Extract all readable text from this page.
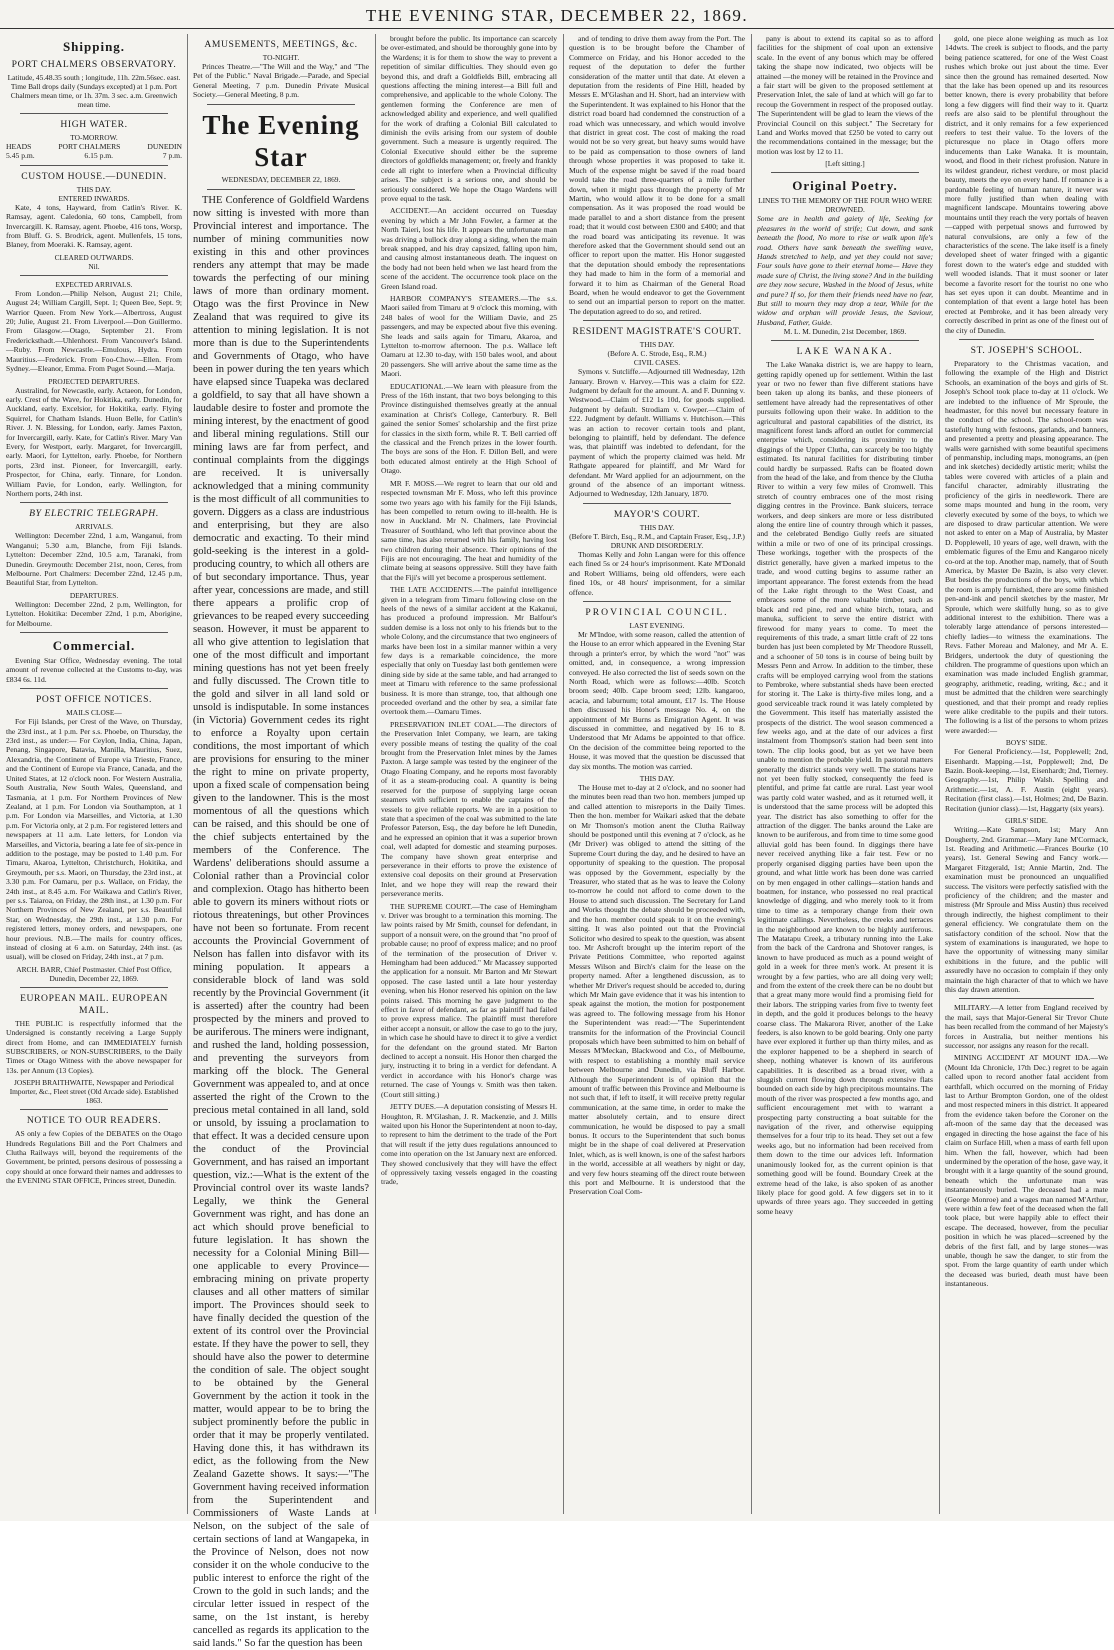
THE EVENING STAR, DECEMBER 22, 1869.
Shipping.
PORT CHALMERS OBSERVATORY.
Latitude, 45.48.35 south ; longitude, 11h. 22m.56sec. east. Time Ball drops daily (Sundays excepted) at 1 p.m. Port Chalmers mean time, or 1h. 37m. 3 sec. a.m. Greenwich mean time.
HIGH WATER.
TO-MORROW.
HEADS	PORT CHALMERS	DUNEDIN
5.45 p.m.	6.15 p.m.	7 p.m.
CUSTOM HOUSE.—DUNEDIN.
THIS DAY.
ENTERED INWARDS.

Kate, 4 tons, Hayward, from Catlin's River. K. Ramsay, agent. Caledonia, 60 tons, Campbell, from Invercargill. K. Ramsay, agent. Phoebe, 416 tons, Worsp, from Bluff. G. S. Brodrick, agent. Mullenfels, 15 tons, Blaney, from Moeraki. K. Ramsay, agent.

CLEARED OUTWARDS.
Nil.
EXPECTED ARRIVALS.

From London.—Philip Nelson, August 21; Chile, August 24; William Cargill, Sept. 1; Queen Bee, Sept. 9; Warrior Queen. From New York.—Albertross, August 20; Julie, August 21. From Liverpool.—Don Guillermo. From Glasgow.—Otago, September 21. From Fredericksthadt.—Uhlenhorst. From Vancouver's Island.—Ruby. From Newcastle.—Emulous, Hydra. From Mauritius.—Frederick. From Foo-Chow.—Ellen. From Sydney.—Eleanor, Emma. From Puget Sound.—Marja.

PROJECTED DEPARTURES.

Australind, for Newcastle, early. Actaeon, for London, early. Crest of the Wave, for Hokitika, early. Dunedin, for Auckland, early. Excelsior, for Hokitika, early. Flying Squirrel, for Chatham Islands. Huon Belle, for Catlin's River. J. N. Blessing, for London, early. James Paxton, for Invercargill, early. Kate, for Catlin's River. Mary Van Every, for Westport, early. Margaret, for Invercargill, early. Maori, for Lyttelton, early. Phoebe, for Northern ports, 23rd inst. Pioneer, for Invercargill, early. Prospector, for China, early. Tinnare, for London. William Pavie, for London, early. Wellington, for Northern ports, 24th inst.

BY ELECTRIC TELEGRAPH.
ARRIVALS.

Wellington: December 22nd, 1 a.m, Wanganui, from Wanganui; 5.30 a.m, Blanche, from Fiji Islands. Lyttelton: December 22nd, 10.5 a.m, Taranaki, from Dunedin. Greymouth: December 21st, noon, Ceres, from Melbourne. Port Chalmers: December 22nd, 12.45 p.m, Beautiful Star, from Lyttelton.

DEPARTURES.

Wellington: December 22nd, 2 p.m, Wellington, for Lyttelton. Hokitika: December 22nd, 1 p.m, Aborigine, for Melbourne.

Commercial.

Evening Star Office, Wednesday evening. The total amount of revenue collected at the Customs to-day, was £834 6s. 11d.

POST OFFICE NOTICES.
MAILS CLOSE—

For Fiji Islands, per Crest of the Wave, on Thursday, the 23rd inst., at 1 p.m. Per s.s. Phoebe, on Thursday, the 23rd inst., as under:— For Ceylon, India, China, Japan, Penang, Singapore, Batavia, Manilla, Mauritius, Suez, Alexandria, the Continent of Europe via Trieste, France, and the Continent of Europe via France, Canada, and the United States, at 12 o'clock noon. For Western Australia, South Australia, New South Wales, Queensland, and Tasmania, at 1 p.m. For Northern Provinces of New Zealand, at 1 p.m. For London via Southampton, at 1 p.m. For London via Marseilles, and Victoria, at 1.30 p.m. For Victoria only, at 2 p.m. For registered letters and newspapers at 11 a.m. Late letters, for London via Marseilles, and Victoria, bearing a late fee of six-pence in addition to the postage, may be posted to 1.40 p.m. For Timaru, Akaroa, Lyttelton, Christchurch, Hokitika, and Greymouth, per s.s. Maori, on Thursday, the 23rd inst., at 3.30 p.m. For Oamaru, per p.s. Wallace, on Friday, the 24th inst., at 8.45 a.m. For Waikawa and Catlin's River, per s.s. Taiaroa, on Friday, the 28th inst., at 1.30 p.m. For Northern Provinces of New Zealand, per s.s. Beautiful Star, on Wednesday, the 29th inst., at 1.30 p.m. For registered letters, money orders, and newspapers, one hour previous. N.B.—The mails for country offices, instead of closing at 6 a.m. on Saturday, 24th inst. (as usual), will be closed on Friday, 24th inst., at 7 p.m.

ARCH. BARR, Chief Postmaster. Chief Post Office, Dunedin, December 22, 1869.
EUROPEAN MAIL. EUROPEAN MAIL.

THE PUBLIC is respectfully informed that the Undersigned is constantly receiving a Large Supply direct from Home, and can IMMEDIATELY furnish SUBSCRIBERS, or NON-SUBSCRIBERS, to the Daily Times or Otago Witness with the above newspaper for 13s. per Annum (13 Copies).

JOSEPH BRAITHWAITE, Newspaper and Periodical Importer, &c., Fleet street (Old Arcade side). Established 1863.
NOTICE TO OUR READERS.

AS only a few Copies of the DEBATES on the Otago Hundreds Regulations Bill and the Port Chalmers and Clutha Railways will, beyond the requirements of the Government, be printed, persons desirous of possessing a copy should at once forward their names and addresses to the EVENING STAR OFFICE, Princes street, Dunedin.

AMUSEMENTS, MEETINGS, &c.
TO-NIGHT.

Princes Theatre.—"The Will and the Way," and "The Pet of the Public." Naval Brigade.—Parade, and Special General Meeting, 7 p.m. Dunedin Private Musical Society.—General Meeting, 8 p.m.

The Evening Star
WEDNESDAY, DECEMBER 22, 1869.

THE Conference of Goldfield Wardens now sitting is invested with more than Provincial interest and importance. The number of mining communities now existing in this and other provinces renders any attempt that may be made towards the perfecting of our mining laws of more than ordinary moment. Otago was the first Province in New Zealand that was required to give its attention to mining legislation. It is not more than is due to the Superintendents and Governments of Otago, who have been in power during the ten years which have elapsed since Tuapeka was declared a goldfield, to say that all have shown a laudable desire to foster and promote the mining interest, by the enactment of good and liberal mining regulations. Still our mining laws are far from perfect, and continual complaints from the diggings are received. It is universally acknowledged that a mining community is the most difficult of all communities to govern. Diggers as a class are industrious and enterprising, but they are also democratic and exacting. To their mind gold-seeking is the interest in a gold-producing country, to which all others are of but secondary importance. Thus, year after year, concessions are made, and still there appears a prolific crop of grievances to be reaped every succeeding season. However, it must be apparent to all who give attention to legislation that one of the most difficult and important mining questions has not yet been freely and fully discussed. The Crown title to the gold and silver in all land sold or unsold is indisputable. In some instances (in Victoria) Government cedes its right to enforce a Royalty upon certain conditions, the most important of which are provisions for ensuring to the miner the right to mine on private property, upon a fixed scale of compensation being given to the landowner. This is the most momentous of all the questions which can be raised, and this should be one of the chief subjects entertained by the members of the Conference. The Wardens' deliberations should assume a Colonial rather than a Provincial color and complexion. Otago has hitherto been able to govern its miners without riots or riotous threatenings, but other Provinces have not been so fortunate. From recent accounts the Provincial Government of Nelson has fallen into disfavor with its mining population. It appears a considerable block of land was sold recently by the Provincial Government (it is asserted) after the country had been prospected by the miners and proved to be auriferous. The miners were indignant, and rushed the land, holding possession, and preventing the surveyors from marking off the block. The General Government was appealed to, and at once asserted the right of the Crown to the precious metal contained in all land, sold or unsold, by issuing a proclamation to that effect. It was a decided censure upon the conduct of the Provincial Government, and has raised an important question, viz.:—What is the extent of the Provincial control over its waste lands? Legally, we think the General Government was right, and has done an act which should prove beneficial to future legislation. It has shown the necessity for a Colonial Mining Bill—one applicable to every Province—embracing mining on private property clauses and all other matters of similar import. The Provinces should seek to have finally decided the question of the extent of its control over the Provincial estate. If they have the power to sell, they should have also the power to determine the condition of sale. The object sought to be obtained by the General Government by the action it took in the matter, would appear to be to bring the subject prominently before the public in order that it may be properly ventilated. Having done this, it has withdrawn its edict, as the following from the New Zealand Gazette shows. It says:—"The Government having received information from the Superintendent and Commissioners of Waste Lands at Nelson, on the subject of the sale of certain sections of land at Wangapeka, in the Province of Nelson, does not now consider it on the whole conducive to the public interest to enforce the right of the Crown to the gold in such lands; and the circular letter issued in respect of the same, on the 1st instant, is hereby cancelled as regards its application to the said lands." So far the question has been

brought before the public. Its importance can scarcely be over-estimated, and should be thoroughly gone into by the Wardens; it is for them to show the way to prevent a repetition of similar difficulties. They should even go beyond this, and draft a Goldfields Bill, embracing all questions affecting the mining interest—a Bill full and comprehensive, and applicable to the whole Colony. The gentlemen forming the Conference are men of acknowledged ability and experience, and well qualified for the work of drafting a Colonial Bill calculated to diminish the evils arising from our system of double government. Such a measure is urgently required. The Colonial Executive should either be the supreme directors of goldfields management; or, freely and frankly cede all right to interfere when a Provincial difficulty arises. The subject is a serious one, and should be seriously considered. We hope the Otago Wardens will prove equal to the task.

ACCIDENT.—An accident occurred on Tuesday evening by which a Mr John Fowler, a farmer at the North Taieri, lost his life. It appears the unfortunate man was driving a bullock dray along a siding, when the main break snapped, and his dray capsized, falling upon him, and causing almost instantaneous death. The inquest on the body had not been held when we last heard from the scene of the accident. The occurrence took place on the Green Island road.

HARBOR COMPANY'S STEAMERS.—The s.s. Maori sailed from Timaru at 9 o'clock this morning, with 248 bales of wool for the William Davie, and 25 passengers, and may be expected about five this evening. She leads and sails again for Timaru, Akaroa, and Lyttelton to-morrow afternoon. The p.s. Wallace left Oamaru at 12.30 to-day, with 150 bales wool, and about 20 passengers. She will arrive about the same time as the Maori.

EDUCATIONAL.—We learn with pleasure from the Press of the 16th instant, that two boys belonging to this Province distinguished themselves greatly at the annual examination at Christ's College, Canterbury. R. Bell gained the senior Somes' scholarship and the first prize for classics in the sixth form, while R. T. Bell carried off the classical and the French prizes in the lower fourth. The boys are sons of the Hon. F. Dillon Bell, and were both educated almost entirely at the High School of Otago.

MR F. MOSS.—We regret to learn that our old and respected townsman Mr F. Moss, who left this province some two years ago with his family for the Fiji Islands, has been compelled to return owing to ill-health. He is now in Auckland. Mr N. Chalmers, late Provincial Treasurer of Southland, who left that province about the same time, has also returned with his family, having lost two children during their absence. Their opinions of the Fijis are not encouraging. The heat and humidity of the climate being at seasons oppressive. Still they have faith that the Fiji's will yet become a prosperous settlement.

THE LATE ACCIDENTS.—The painful intelligence given in a telegram from Timaru following close on the heels of the news of a similar accident at the Kakanui, has produced a profound impression. Mr Balfour's sudden demise is a loss not only to his friends but to the whole Colony, and the circumstance that two engineers of marks have been lost in a similar manner within a very few days is a remarkable coincidence, the more especially that only on Tuesday last both gentlemen were dining side by side at the same table, and had arranged to meet at Timaru with reference to the same professional business. It is more than strange, too, that although one proceeded overland and the other by sea, a similar fate overtook them.—Oamaru Times.

PRESERVATION INLET COAL.—The directors of the Preservation Inlet Company, we learn, are taking every possible means of testing the quality of the coal brought from the Preservation Inlet mines by the James Paxton. A large sample was tested by the engineer of the Otago Floating Company, and he reports most favorably of it as a steam-producing coal. A quantity is being reserved for the purpose of supplying large ocean steamers with sufficient to enable the captains of the vessels to give reliable reports. We are in a position to state that a specimen of the coal was submitted to the late Professor Paterson, Esq., the day before he left Dunedin, and he expressed an opinion that it was a superior brown coal, well adapted for domestic and steaming purposes. The company have shown great enterprise and perseverance in their efforts to prove the existence of extensive coal deposits on their ground at Preservation Inlet, and we hope they will reap the reward their perseverance merits.

THE SUPREME COURT.—The case of Hemingham v. Driver was brought to a termination this morning. The law points raised by Mr Smith, counsel for defendant, in support of a nonsuit were, on the ground that "no proof of probable cause; no proof of express malice; and no proof of the termination of the prosecution of Driver v. Hemingham had been adduced." Mr Macassey supported the application for a nonsuit. Mr Barton and Mr Stewart opposed. The case lasted until a late hour yesterday evening, when his Honor reserved his opinion on the law points raised. This morning he gave judgment to the effect in favor of defendant, as far as plaintiff had failed to prove express malice. The plaintiff must therefore either accept a nonsuit, or allow the case to go to the jury, in which case he should have to direct it to give a verdict for the defendant on the ground stated. Mr Barton declined to accept a nonsuit. His Honor then charged the jury, instructing it to bring in a verdict for defendant. A verdict in accordance with his Honor's charge was returned. The case of Youngs v. Smith was then taken. (Court still sitting.)

JETTY DUES.—A deputation consisting of Messrs H. Houghton, R. M'Glashan, J. R. Mackenzie, and J. Mills waited upon his Honor the Superintendent at noon to-day, to represent to him the detriment to the trade of the Port that will result if the jetty dues regulations announced to come into operation on the 1st January next are enforced. They showed conclusively that they will have the effect of oppressively taxing vessels engaged in the coasting trade,

and of tending to drive them away from the Port. The question is to be brought before the Chamber of Commerce on Friday, and his Honor acceded to the request of the deputation to defer the further consideration of the matter until that date. At eleven a deputation from the residents of Pine Hill, headed by Messrs E. M'Glashan and H. Short, had an interview with the Superintendent. It was explained to his Honor that the district road board had condemned the construction of a road which was unnecessary, and which would involve that district in great cost. The cost of making the road would not be so very great, but heavy sums would have to be paid as compensation to those owners of land through whose properties it was proposed to take it. Much of the expense might be saved if the road board would take the road three-quarters of a mile further down, when it might pass through the property of Mr Martin, who would allow it to be done for a small compensation. As it was proposed the road would be made parallel to and a short distance from the present road; that it would cost between £300 and £400; and that the road board was anticipating its revenue. It was therefore asked that the Government should send out an officer to report upon the matter. His Honor suggested that the deputation should embody the representations they had made to him in the form of a memorial and forward it to him as Chairman of the General Road Board, when he would endeavor to get the Government to send out an impartial person to report on the matter. The deputation agreed to do so, and retired.

RESIDENT MAGISTRATE'S COURT.
THIS DAY.
(Before A. C. Strode, Esq., R.M.)
CIVIL CASES.

Symons v. Sutcliffe.—Adjourned till Wednesday, 12th January. Brown v. Harvey.—This was a claim for £22. Judgment by default for the amount. A. and F. Dunning v. Westwood.—Claim of £12 1s 10d, for goods supplied. Judgment by default. Strodiam v. Cowper.—Claim of £22. Judgment by default. Williams v. Hutchison.—This was an action to recover certain tools and plant, belonging to plaintiff, held by defendant. The defence was, that plaintiff was indebted to defendant, for the payment of which the property claimed was held. Mr Rathgate appeared for plaintiff, and Mr Ward for defendant. Mr Ward applied for an adjournment, on the ground of the absence of an important witness. Adjourned to Wednesday, 12th January, 1870.

MAYOR'S COURT.
THIS DAY.
(Before T. Birch, Esq., R.M., and Captain Fraser, Esq., J.P.)
DRUNK AND DISORDERLY.

Thomas Kelly and John Langan were for this offence each fined 5s or 24 hour's imprisonment. Kate M'Donald and Robert Williams, being old offenders, were each fined 10s, or 48 hours' imprisonment, for a similar offence.

PROVINCIAL COUNCIL.
LAST EVENING.

Mr M'Indoe, with some reason, called the attention of the House to an error which appeared in the Evening Star through a printer's error, by which the word "not" was omitted, and, in consequence, a wrong impression conveyed. He also corrected the list of seeds sown on the North Road, which were as follows:—40lb. Scotch broom seed; 40lb. Cape broom seed; 12lb. kangaroo, acacia, and laburnum; total amount, £17 1s. The House then discussed his Honor's message No. 4, on the appointment of Mr Burns as Emigration Agent. It was discussed in committee, and negatived by 16 to 8. Understood that Mr Adams be appointed to that office. On the decision of the committee being reported to the House, it was moved that the question be discussed that day six months. The motion was carried.

THIS DAY.

The House met to-day at 2 o'clock, and no sooner had the minutes been read than two hon. members jumped up and called attention to misreports in the Daily Times. Then the hon. member for Waikari asked that the debate on Mr Thomson's motion anent the Clutha Railway should be postponed until this evening at 7 o'clock, as he (Mr Driver) was obliged to attend the sitting of the Supreme Court during the day, and he desired to have an opportunity of speaking to the question. The proposal was opposed by the Government, especially by the Treasurer, who stated that as he was to leave the Colony to-morrow he could not afford to come down to the House to attend such discussion. The Secretary for Land and Works thought the debate should be proceeded with, and the hon. member could speak to it on the evening's sitting. It was also pointed out that the Provincial Solicitor who desired to speak to the question, was absent too. Mr Ashcroft brought up the interim report of the Private Petitions Committee, who reported against Messrs Wilson and Birch's claim for the lease on the property named. After a lengthened discussion, as to whether Mr Driver's request should be acceded to, during which Mr Main gave evidence that it was his intention to speak against the motion, the motion for postponement was agreed to. The following message from his Honor the Superintendent was read:—"The Superintendent transmits for the information of the Provincial Council proposals which have been submitted to him on behalf of Messrs M'Meckan, Blackwood and Co., of Melbourne, with respect to establishing a monthly mail service between Melbourne and Dunedin, via Bluff Harbor. Although the Superintendent is of opinion that the amount of traffic between this Province and Melbourne is not such that, if left to itself, it will receive pretty regular communication, at the same time, in order to make the matter absolutely certain, and to ensure direct communication, he would be disposed to pay a small bonus. It occurs to the Superintendent that such bonus might be in the shape of coal delivered at Preservation Inlet, which, as is well known, is one of the safest harbors in the world, accessible at all weathers by night or day, and very few hours steaming off the direct route between this port and Melbourne. It is understood that the Preservation Coal Com-

pany is about to extend its capital so as to afford facilities for the shipment of coal upon an extensive scale. In the event of any bonus which may be offered taking the shape now indicated, two objects will be attained —the money will be retained in the Province and a fair start will be given to the proposed settlement at Preservation Inlet, the sale of land at which will go far to recoup the Government in respect of the proposed outlay. The Superintendent will be glad to learn the views of the Provincial Council on this subject." The Secretary for Land and Works moved that £250 be voted to carry out the recommendations contained in the message; but the motion was lost by 12 to 11.

[Left sitting.]
Original Poetry.
LINES TO THE MEMORY OF THE FOUR WHO WERE DROWNED.

Some are in health and gaiety of life, Seeking for pleasures in the world of strife; Cut down, and sank beneath the flood, No more to rise or walk upon life's road. Others have sank beneath the swelling wave, Hands stretched to help, and yet they could not save; Four souls have gone to their eternal home— Have they made sure of Christ, the living stone? And in the building are they now secure, Washed in the blood of Jesus, white and pure? If so, for them their friends need have no fear, But still to mourn they may drop a tear, While for the widow and orphan will provide Jesus, the Saviour, Husband, Father, Guide.

M. L. M. Dunedin, 21st December, 1869.
LAKE WANAKA.

The Lake Wanaka district is, we are happy to learn, getting rapidly opened up for settlement. Within the last year or two no fewer than five different stations have been taken up along its banks, and these pioneers of settlement have already had the representatives of other pursuits following upon their wake. In addition to the agricultural and pastoral capabilities of the district, its magnificent forest lands afford an outlet for commercial enterprise which, considering its proximity to the diggings of the Upper Clutha, can scarcely be too highly estimated. Its natural facilities for distributing timber could hardly be surpassed. Rafts can be floated down from the head of the lake, and from thence by the Clutha River to within a very few miles of Cromwell. This stretch of country embraces one of the most rising digging centres in the Province. Bank sluicers, terrace workers, and deep sinkers are more or less distributed along the entire line of country through which it passes, and the celebrated Bendigo Gully reefs are situated within a mile or two of one of its principal crossings. These workings, together with the prospects of the district generally, have given a marked impetus to the trade, and wood cutting begins to assume rather an important appearance. The forest extends from the head of the Lake right through to the West Coast, and embraces some of the more valuable timber, such as black and red pine, red and white birch, totara, and manuka, sufficient to serve the entire district with firewood for many years to come. To meet the requirements of this trade, a smart little craft of 22 tons burden has just been completed by Mr Theodore Russell, and a schooner of 50 tons is in course of being built by Messrs Penn and Arrow. In addition to the timber, these crafts will be employed carrying wool from the stations to Pembroke, where substantial sheds have been erected for storing it. The Lake is thirty-five miles long, and a good serviceable track round it was lately completed by the Government. This itself has materially assisted the prospects of the district. The wool season commenced a few weeks ago, and at the date of our advices a first instalment from Thompson's station had been sent into town. The clip looks good, but as yet we have been unable to mention the probable yield. In pastoral matters generally the district stands very well. The stations have not yet been fully stocked, consequently the feed is plentiful, and prime fat cattle are rural. Last year wool was partly cold water washed, and as it returned well, it is understood that the same process will be adopted this year. The district has also something to offer for the attraction of the digger. The banks around the Lake are known to be auriferous, and from time to time some good alluvial gold has been found. In diggings there have never received anything like a fair test. Few or no properly organised digging parties have been upon the ground, and what little work has been done was carried on by men engaged in other callings—station hands and boatmen, for instance, who possessed no real practical knowledge of digging, and who merely took to it from time to time as a temporary change from their own legitimate callings. Nevertheless, the creeks and terraces in the neighborhood are known to be highly auriferous. The Matatapu Creek, a tributary running into the Lake from the back of the Cardrona and Shotover ranges, is known to have produced as much as a pound weight of gold in a week for three men's work. At present it is wrought by a few parties, who are all doing very well; and from the extent of the creek there can be no doubt but that a great many more would find a promising field for their labors. The stripping varies from five to twenty feet in depth, and the gold it produces belongs to the heavy coarse class. The Makarora River, another of the Lake feeders, is also known to be gold bearing. Only one party have ever explored it further up than thirty miles, and as the explorer happened to be a shepherd in search of sheep, nothing whatever is known of its auriferous capabilities. It is described as a broad river, with a sluggish current flowing down through extensive flats bounded on each side by high precipitous mountains. The mouth of the river was prospected a few months ago, and sufficient encouragement met with to warrant a prospecting party constructing a boat suitable for the navigation of the river, and otherwise equipping themselves for a four trip to its head. They set out a few weeks ago, but no information had been received from them down to the time our advices left. Information unanimously looked for, as the current opinion is that something good will be found. Boundary Creek at the extreme head of the lake, is also spoken of as another likely place for good gold. A few diggers set in to it upwards of three years ago. They succeeded in getting some heavy

gold, one piece alone weighing as much as 1oz 14dwts. The creek is subject to floods, and the party being patience scattered, for one of the West Coast rushes which broke out just about the time. Ever since then the ground has remained deserted. Now that the lake has been opened up and its resources better known, there is every probability that before long a few diggers will find their way to it. Quartz reefs are also said to be plentiful throughout the district, and it only remains for a few experienced reefers to test their value. To the lovers of the picturesque no place in Otago offers more inducements than Lake Wanaka. It is mountain, wood, and flood in their richest profusion. Nature in its wildest grandeur, richest verdure, or most placid beauty, meets the eye on every hand. If romance is a pardonable feeling of human nature, it never was more fully justified than when dealing with magnificent landscape. Mountains towering above mountains until they reach the very portals of heaven—capped with perpetual snows and furrowed by natural convulsions, are only a few of the characteristics of the scene. The lake itself is a finely developed sheet of water fringed with a gigantic forest down to the water's edge and studded with well wooded islands. That it must sooner or later become a favorite resort for the tourist no one who has set eyes upon it can doubt. Meantime and in contemplation of that event a large hotel has been erected at Pembroke, and it has been already very correctly described in print as one of the finest out of the city of Dunedin.

ST. JOSEPH'S SCHOOL.

Preparatory to the Christmas vacation, and following the example of the High and District Schools, an examination of the boys and girls of St. Joseph's School took place to-day at 11 o'clock. We are indebted to the influence of Mr Sproule, the headmaster, for this novel but necessary feature in the conduct of the school. The school-room was tastefully hung with festoons, garlands, and banners, and presented a pretty and pleasing appearance. The walls were garnished with some beautiful specimens of penmanship, including maps, monograms, an (pen and ink sketches) decidedly artistic merit; whilst the tables were covered with articles of a plain and fanciful character, admirably illustrating the proficiency of the girls in needlework. There are some maps mounted and hung in the room, very cleverly executed by some of the boys, to which we are disposed to draw particular attention. We were not asked to enter on a Map of Australia, by Master D. Popplewell, 10 years of age, well drawn, with the emblematic figures of the Emu and Kangaroo nicely co-ord at the top. Another map, namely, that of South America, by Master De Bazin, is also very clever. But besides the productions of the boys, with which the room is amply furnished, there are some finished pen-and-ink and pencil sketches by the master, Mr Sproule, which were skilfully hung, so as to give additional interest to the exhibition. There was a tolerably large attendance of persons interested—chiefly ladies—to witness the examinations. The Revs. Father Moreau and Maloney, and Mr A. E. Bridgers, undertook the duty of questioning the children. The programme of questions upon which an examination was made included English grammar, geography, arithmetic, reading, writing, &c.; and it must be admitted that the children were searchingly questioned, and that their prompt and ready replies were alike creditable to the pupils and their tutors. The following is a list of the persons to whom prizes were awarded:—

BOYS' SIDE.

For General Proficiency.—1st, Popplewell; 2nd, Eisenhardt. Mapping.—1st, Popplewell; 2nd, De Bazin. Book-keeping.—1st, Eisenhardt; 2nd, Tierney. Geography.—1st, Philip Walsh. Spelling and Arithmetic.—1st, A. F. Austin (eight years). Recitation (first class).—1st, Holmes; 2nd, De Bazin. Recitation (junior class).—1st, Haggarty (six years).

GIRLS' SIDE.

Writing.—Kate Sampson, 1st; Mary Ann Dougherty, 2nd. Grammar.—Mary Jane M'Cormack, 1st. Reading and Arithmetic.—Frances Bourke (10 years), 1st. General Sewing and Fancy work.—Margaret Fitzgerald, 1st; Annie Martin, 2nd. The examination must be pronounced an unqualified success. The visitors were perfectly satisfied with the proficiency of the children; and the master and mistress (Mr Sproule and Miss Austin) thus received through indirectly, the highest compliment to their general efficiency. We congratulate them on the satisfactory condition of the school. Now that the system of examinations is inaugurated, we hope to have the opportunity of witnessing many similar exhibitions in the future, and the public will assuredly have no occasion to complain if they only maintain the high character of that to which we have this day drawn attention.

MILITARY.—A letter from England received by the mail, says that Major-General Sir Trevor Chute has been recalled from the command of her Majesty's forces in Australia, but neither mentions his successor, nor assigns any reason for the recall.

MINING ACCIDENT AT MOUNT IDA.—We (Mount Ida Chronicle, 17th Dec.) regret to be again called upon to record another fatal accident from earthfall, which occurred on the morning of Friday last to Arthur Brompton Gordon, one of the oldest and most respected miners in this district. It appeared from the evidence taken before the Coroner on the aft-moon of the same day that the deceased was engaged in directing the hose against the face of his claim on Surface Hill, when a mass of earth fell upon him. When the fall, however, which had been undermined by the operation of the hose, gave way, it brought with it a large quantity of the sound ground, beneath which the unfortunate man was instantaneously buried. The deceased had a mate (George Monroe) and a wages man named M'Arthur, were within a few feet of the deceased when the fall took place, but were happily able to effect their escape. The deceased, however, from the peculiar position in which he was placed—screened by the debris of the first fall, and by large stones—was unable, though he saw the danger, to stir from the spot. From the large quantity of earth under which the deceased was buried, death must have been instantaneous.
